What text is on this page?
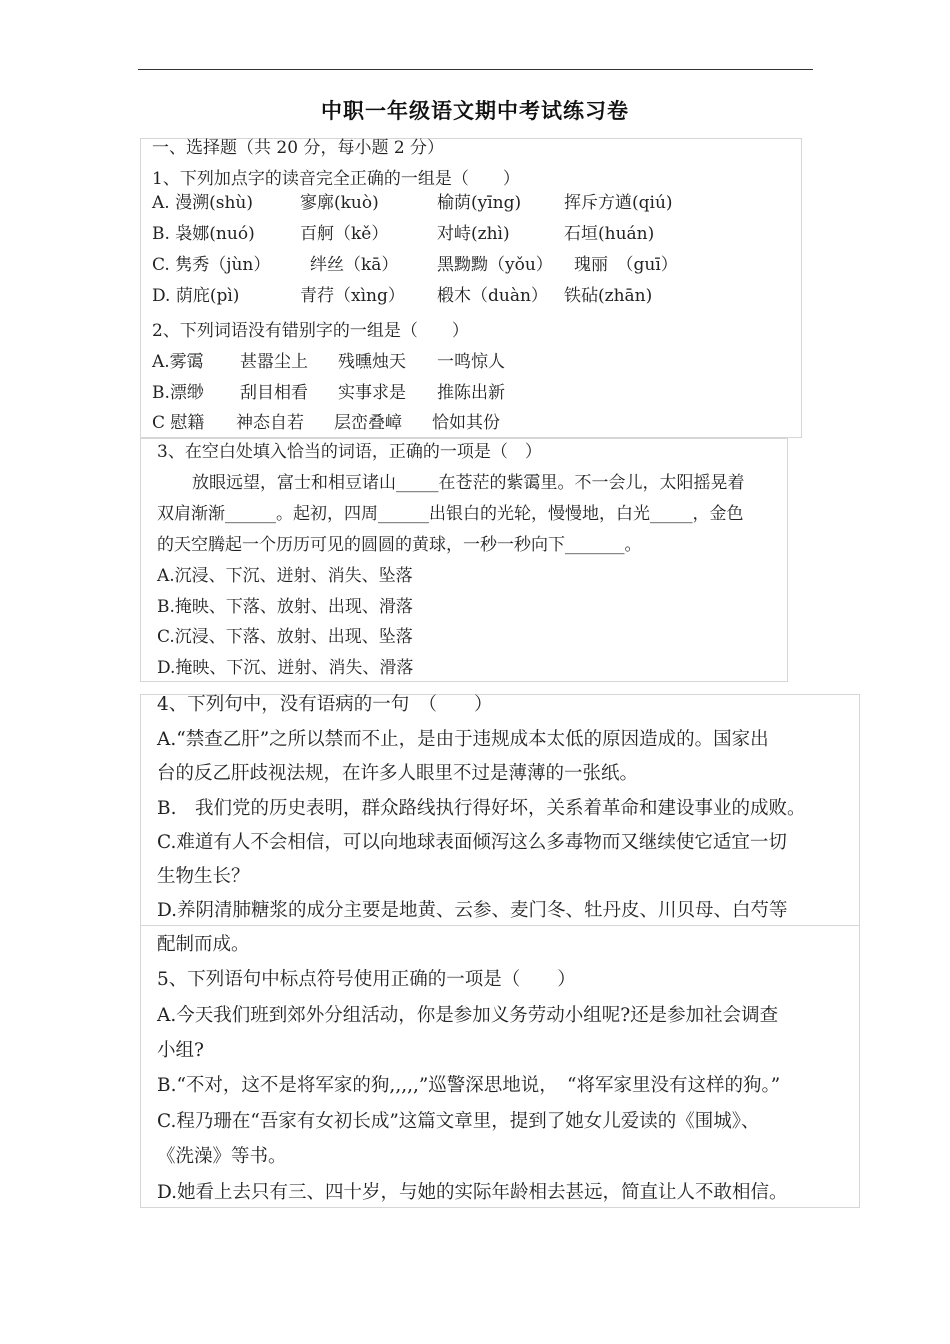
中职一年级语文期中考试练习卷
一、选择题（共 20 分，每小题 2 分）
1、下列加点字的读音完全正确的一组是（　　）
A. 漫溯(shù)	寥廓(kuò)	榆荫(yīng)	挥斥方遒(qiú)
B. 袅娜(nuó)	百舸（kě）	对峙(zhì)	石垣(huán)
C. 隽秀（jùn） 绊丝（kā） 黑黝黝（yǒu） 瑰丽　（guī）
D. 荫庇(pì)	青荇（xìng） 椴木（duàn） 铁砧(zhān)
2、下列词语没有错别字的一组是（　　）
A.雾霭 甚嚣尘上 残曛烛天 一鸣惊人
B.漂缈 刮目相看 实事求是 推陈出新
C 慰籍 神态自若 层峦叠嶂 恰如其份
3、在空白处填入恰当的词语，正确的一项是（　）
放眼远望，富士和相豆诸山_____在苍茫的紫霭里。不一会儿，太阳摇晃着
双肩渐渐______。起初，四周______出银白的光轮，慢慢地，白光_____，金色
的天空腾起一个历历可见的圆圆的黄球，一秒一秒向下_______。
A.沉浸、下沉、迸射、消失、坠落
B.掩映、下落、放射、出现、滑落
C.沉浸、下落、放射、出现、坠落
D.掩映、下沉、迸射、消失、滑落
4、下列句中，没有语病的一句　（　　）
A.“禁查乙肝”之所以禁而不止，是由于违规成本太低的原因造成的。国家出
台的反乙肝歧视法规，在许多人眼里不过是薄薄的一张纸。
B.　我们党的历史表明，群众路线执行得好坏，关系着革命和建设事业的成败。
C.难道有人不会相信，可以向地球表面倾泻这么多毒物而又继续使它适宜一切
生物生长？
D.养阴清肺糖浆的成分主要是地黄、云参、麦门冬、牡丹皮、川贝母、白芍等
配制而成。
5、下列语句中标点符号使用正确的一项是（　　）
A.今天我们班到郊外分组活动，你是参加义务劳动小组呢?还是参加社会调查
小组?
B.“不对，这不是将军家的狗,,,,,”巡警深思地说，　“将军家里没有这样的狗。”
C.程乃珊在“吾家有女初长成”这篇文章里，提到了她女儿爱读的《围城》、
《洗澡》等书。
D.她看上去只有三、四十岁，与她的实际年龄相去甚远，简直让人不敢相信。
